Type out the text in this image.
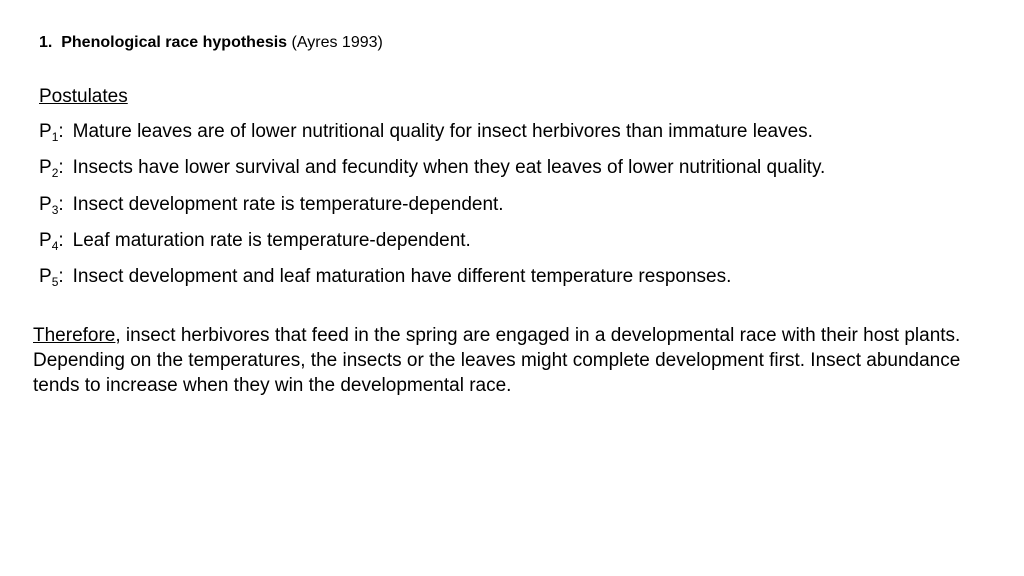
1. Phenological race hypothesis (Ayres 1993)
Postulates
$P_1$: Mature leaves are of lower nutritional quality for insect herbivores than immature leaves.
$P_2$: Insects have lower survival and fecundity when they eat leaves of lower nutritional quality.
$P_3$: Insect development rate is temperature-dependent.
$P_4$: Leaf maturation rate is temperature-dependent.
$P_5$: Insect development and leaf maturation have different temperature responses.
Therefore, insect herbivores that feed in the spring are engaged in a developmental race with their host plants. Depending on the temperatures, the insects or the leaves might complete development first. Insect abundance tends to increase when they win the developmental race.
